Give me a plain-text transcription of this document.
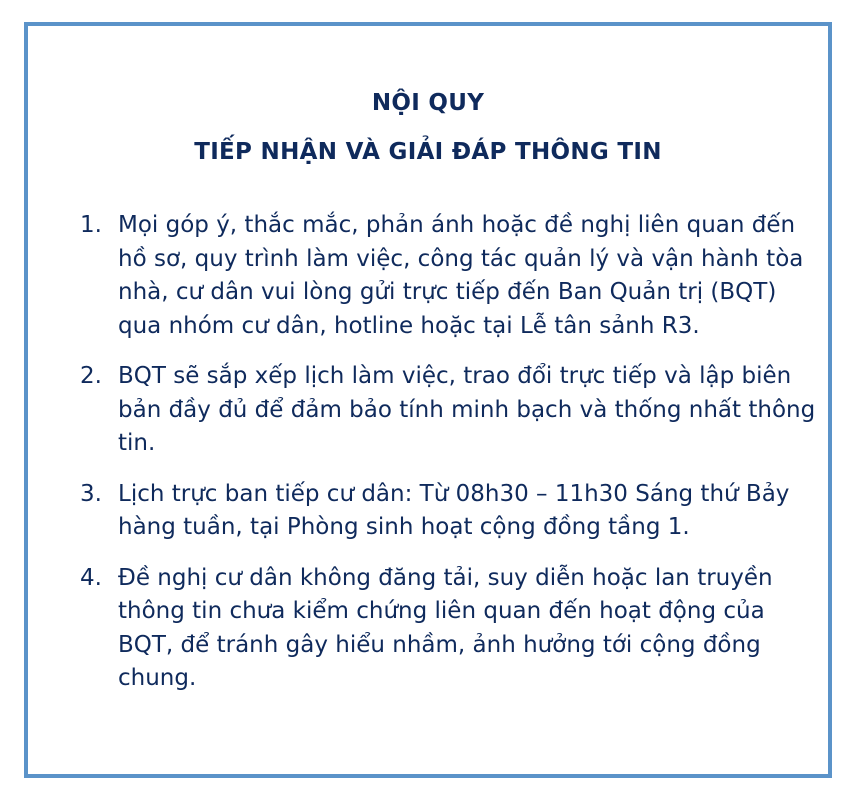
NỘI QUY
TIẾP NHẬN VÀ GIẢI ĐÁP THÔNG TIN
1. Mọi góp ý, thắc mắc, phản ánh hoặc đề nghị liên quan đến hồ sơ, quy trình làm việc, công tác quản lý và vận hành tòa nhà, cư dân vui lòng gửi trực tiếp đến Ban Quản trị (BQT) qua nhóm cư dân, hotline hoặc tại Lễ tân sảnh R3.
2. BQT sẽ sắp xếp lịch làm việc, trao đổi trực tiếp và lập biên bản đầy đủ để đảm bảo tính minh bạch và thống nhất thông tin.
3. Lịch trực ban tiếp cư dân: Từ 08h30 – 11h30 Sáng thứ Bảy hàng tuần, tại Phòng sinh hoạt cộng đồng tầng 1.
4. Đề nghị cư dân không đăng tải, suy diễn hoặc lan truyền thông tin chưa kiểm chứng liên quan đến hoạt động của BQT, để tránh gây hiểu nhầm, ảnh hưởng tới cộng đồng chung.
